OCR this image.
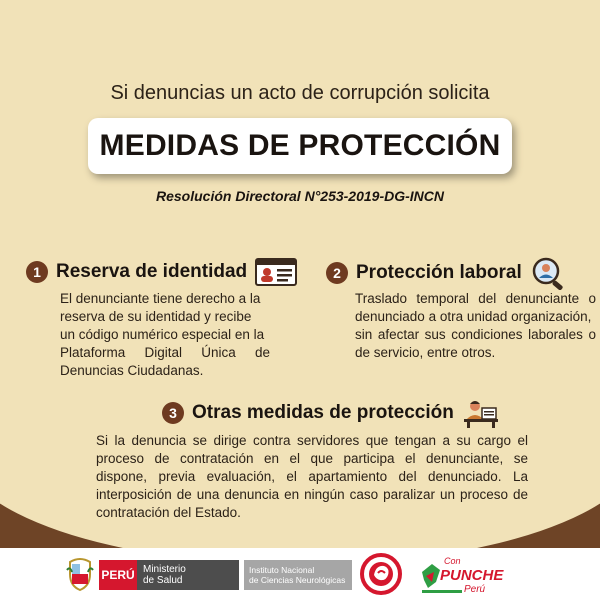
Si denuncias un acto de corrupción solicita
MEDIDAS DE PROTECCIÓN
Resolución Directoral N°253-2019-DG-INCN
1 Reserva de identidad
El denunciante tiene derecho a la
reserva de su identidad y recibe
un código numérico especial en la
Plataforma Digital Única de
Denuncias Ciudadanas.
2 Protección laboral
Traslado temporal del denunciante o
denunciado a otra unidad organización,
sin afectar sus condiciones laborales o
de servicio, entre otros.
3 Otras medidas de protección
Si la denuncia se dirige contra servidores que tengan a su cargo el
proceso de contratación en el que participa el denunciante, se
dispone, previa evaluación, el apartamiento del denunciado. La
interposición de una denuncia en ningún caso paralizar un proceso de
contratación del Estado.
PERÚ Ministerio
de Salud
Instituto Nacional
de Ciencias Neurológicas
Con
PUNCHE
Perú
